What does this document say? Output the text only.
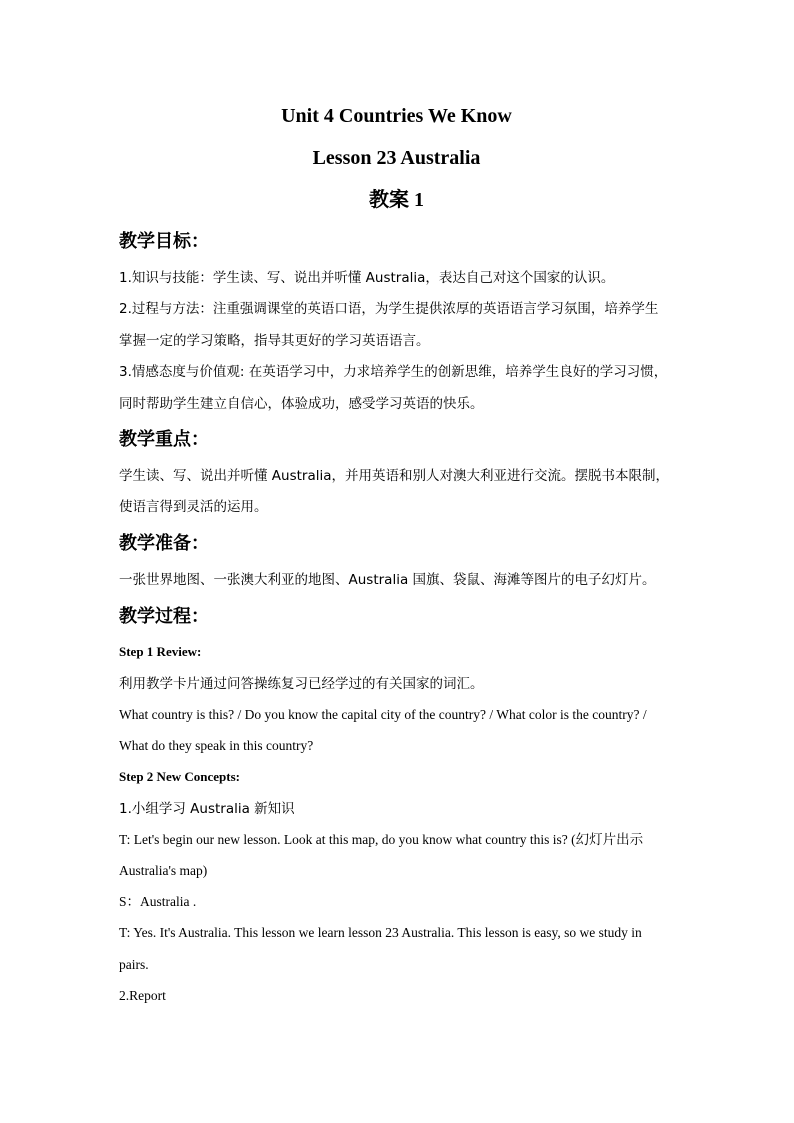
Unit 4 Countries We Know
Lesson 23 Australia
教案 1
教学目标：
1.知识与技能：学生读、写、说出并听懂 Australia，表达自己对这个国家的认识。
2.过程与方法：注重强调课堂的英语口语，为学生提供浓厚的英语语言学习氛围，培养学生
掌握一定的学习策略，指导其更好的学习英语语言。
3.情感态度与价值观: 在英语学习中，力求培养学生的创新思维，培养学生良好的学习习惯，
同时帮助学生建立自信心，体验成功，感受学习英语的快乐。
教学重点：
学生读、写、说出并听懂 Australia，并用英语和别人对澳大利亚进行交流。摆脱书本限制，
使语言得到灵活的运用。
教学准备：
一张世界地图、一张澳大利亚的地图、Australia 国旗、袋鼠、海滩等图片的电子幻灯片。
教学过程：
Step 1 Review:
利用教学卡片通过问答操练复习已经学过的有关国家的词汇。
What country is this? / Do you know the capital city of the country? / What color is the country? /
What do they speak in this country?
Step 2 New Concepts:
1.小组学习 Australia 新知识
T: Let's begin our new lesson. Look at this map, do you know what country this is? (幻灯片出示
Australia's map)
S：Australia .
T: Yes. It's Australia. This lesson we learn lesson 23 Australia. This lesson is easy, so we study in
pairs.
2.Report
